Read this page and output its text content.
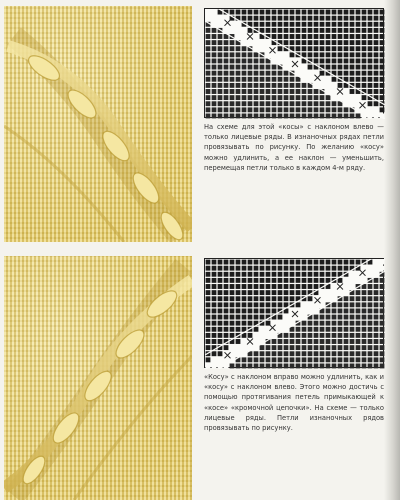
На схеме для этой «косы» с наклоном влево — только лицевые ряды. В изнаночных рядах петли провязывать по рисунку. По желанию «косу» можно удлинить, а ее наклон — уменьшить, перемещая петли только в каждом 4-м ряду.

«Косу» с наклоном вправо можно удлинить, как и «косу» с наклоном влево. Этого можно достичь с помощью протягивания петель примыкающей к «косе» «кромочной цепочки». На схеме — только лицевые ряды. Петли изнаночных рядов провязывать по рисунку.
